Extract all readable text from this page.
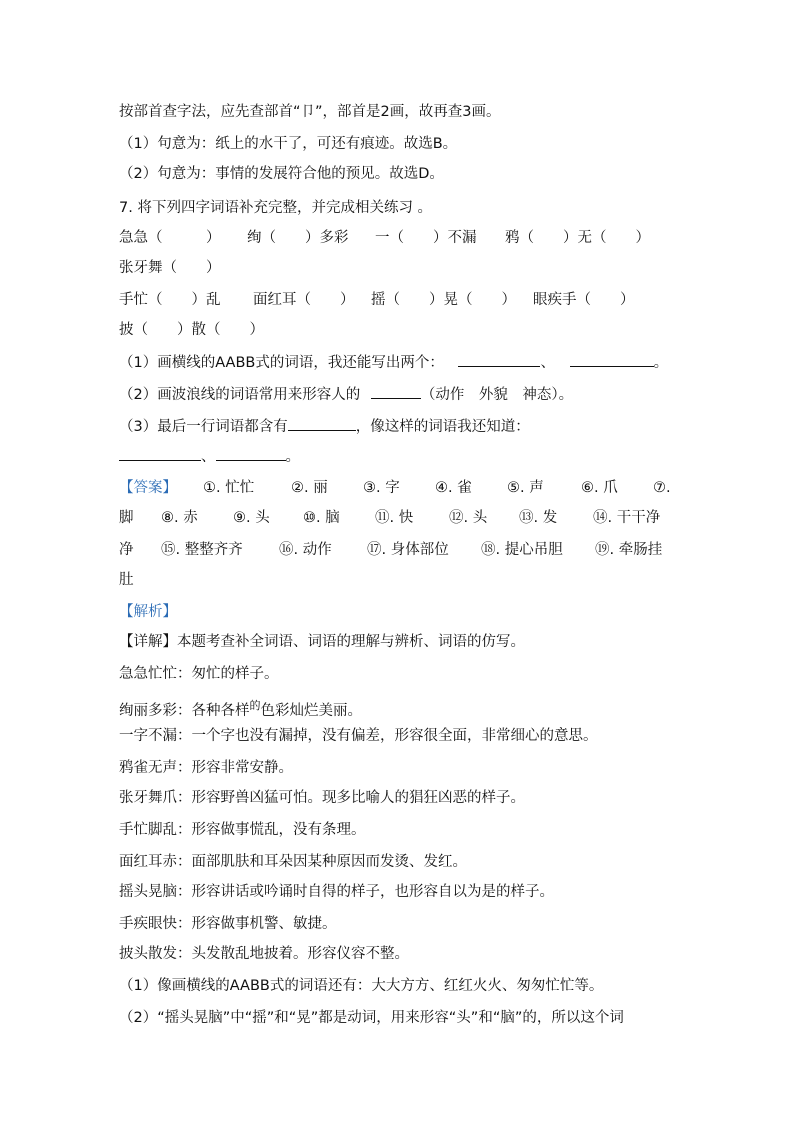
按部首查字法，应先查部首“卩”，部首是2画，故再查3画。
（1）句意为：纸上的水干了，可还有痕迹。故选B。
（2）句意为：事情的发展符合他的预见。故选D。
7. 将下列四字词语补充完整，并完成相关练习 。
急急（　　　） 绚（　　）多彩 一（　　）不漏 鸦（　　）无（　　）
张牙舞（　　）
手忙（　　）乱 面红耳（　　） 摇（　　）晃（　　） 眼疾手（　　）
披（　　）散（　　）
（1）画横线的AABB式的词语，我还能写出两个：	、	。
（2）画波浪线的词语常用来形容人的	（动作　外貌　神态）。
（3）最后一行词语都含有	，像这样的词语我还知道：
、	。
【答案】 ①. 忙忙	②. 丽 ③. 字 ④. 雀 ⑤. 声	⑥. 爪 ⑦.
脚 ⑧. 赤 ⑨. 头 ⑩. 脑 ⑪. 快 ⑫. 头 ⑬. 发 ⑭. 干干净
净 ⑮. 整整齐齐	⑯. 动作 ⑰. 身体部位 ⑱. 提心吊胆 ⑲. 牵肠挂
肚
【解析】
【详解】本题考查补全词语、词语的理解与辨析、词语的仿写。
急急忙忙：匆忙的样子。
绚丽多彩：各种各样$^的$色彩灿烂美丽。
一字不漏：一个字也没有漏掉，没有偏差，形容很全面，非常细心的意思。
鸦雀无声：形容非常安静。
张牙舞爪：形容野兽凶猛可怕。现多比喻人的猖狂凶恶的样子。
手忙脚乱：形容做事慌乱，没有条理。
面红耳赤：面部肌肤和耳朵因某种原因而发烫、发红。
摇头晃脑：形容讲话或吟诵时自得的样子，也形容自以为是的样子。
手疾眼快：形容做事机警、敏捷。
披头散发：头发散乱地披着。形容仪容不整。
（1）像画横线的AABB式的词语还有：大大方方、红红火火、匆匆忙忙等。
（2）“摇头晃脑”中“摇”和“晃”都是动词，用来形容“头”和“脑”的，所以这个词
